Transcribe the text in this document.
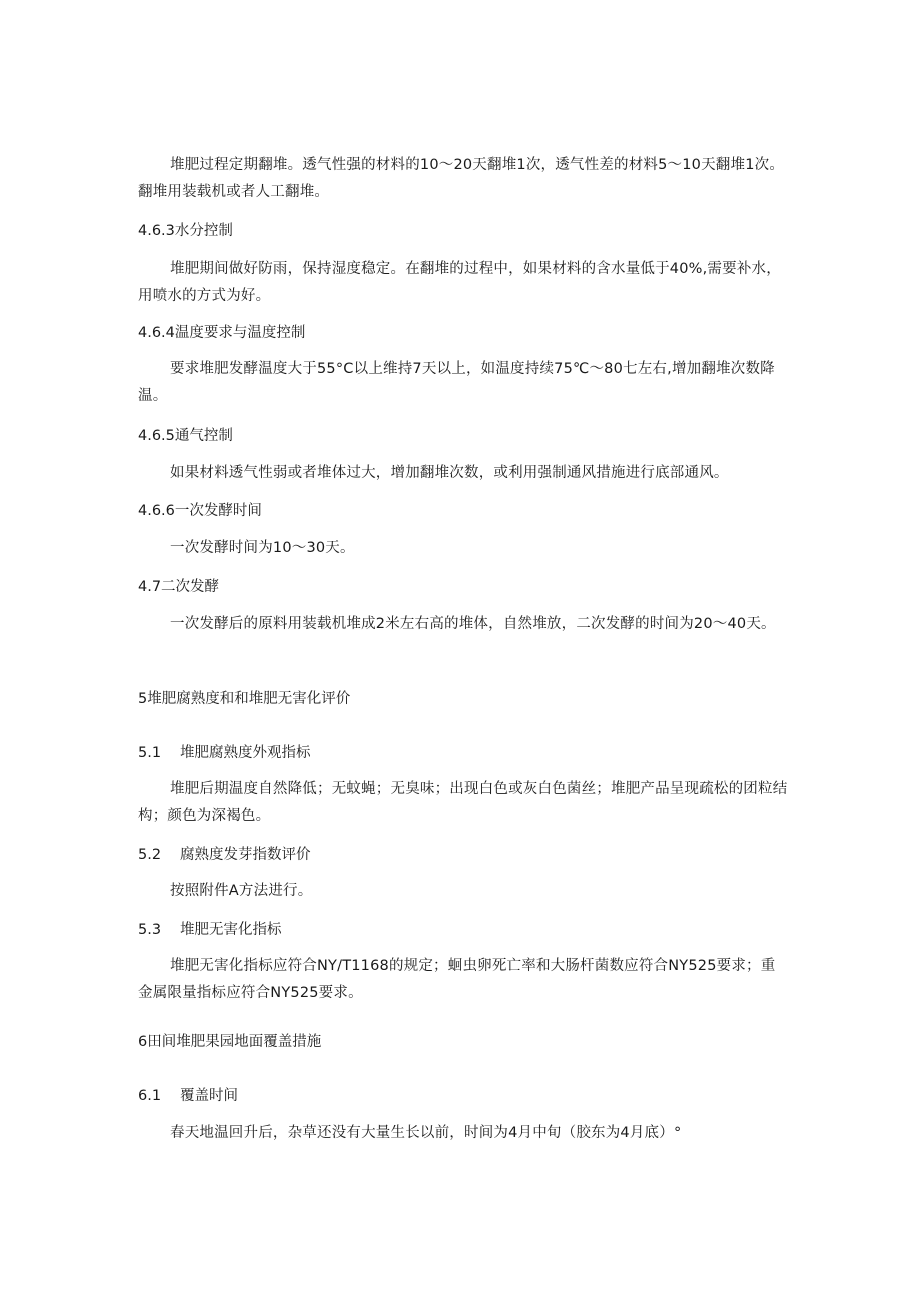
堆肥过程定期翻堆。透气性强的材料的10～20天翻堆1次，透气性差的材料5～10天翻堆1次。翻堆用装载机或者人工翻堆。

4.6.3水分控制

堆肥期间做好防雨，保持湿度稳定。在翻堆的过程中，如果材料的含水量低于40%,需要补水，用喷水的方式为好。

4.6.4温度要求与温度控制

要求堆肥发酵温度大于55°C以上维持7天以上，如温度持续75℃～80七左右,增加翻堆次数降温。

4.6.5通气控制

如果材料透气性弱或者堆体过大，增加翻堆次数，或利用强制通风措施进行底部通风。

4.6.6一次发酵时间

一次发酵时间为10～30天。

4.7二次发酵

一次发酵后的原料用装载机堆成2米左右高的堆体，自然堆放，二次发酵的时间为20～40天。

5堆肥腐熟度和和堆肥无害化评价

5.1 堆肥腐熟度外观指标

堆肥后期温度自然降低；无蚊蝇；无臭味；出现白色或灰白色菌丝；堆肥产品呈现疏松的团粒结构；颜色为深褐色。

5.2 腐熟度发芽指数评价

按照附件A方法进行。

5.3 堆肥无害化指标

堆肥无害化指标应符合NY/T1168的规定；蛔虫卵死亡率和大肠杆菌数应符合NY525要求；重金属限量指标应符合NY525要求。

6田间堆肥果园地面覆盖措施

6.1 覆盖时间

春天地温回升后，杂草还没有大量生长以前，时间为4月中旬（胶东为4月底）°
